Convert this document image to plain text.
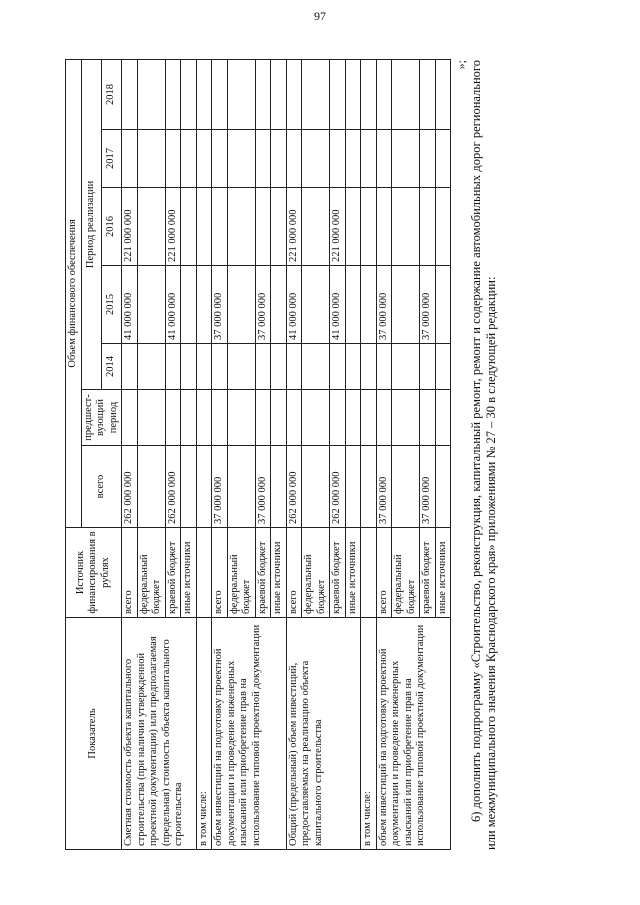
97
Показатель	Источник финансирования в рублях	Объем финансового обеспечения						
		всего	предшест-вующий период	Период реализации				
				2014	2015	2016	2017	2018
Сметная стоимость объекта капитального строительства (при наличии утвержденной проектной документации) или предполагаемая (предельная) стоимость объекта капитального строительства	всего	262 000 000			41 000 000	221 000 000		
	федеральный бюджет							
	краевой бюджет	262 000 000			41 000 000	221 000 000		
	иные источники							
в том числе:								
объем инвестиций на подготовку проектной документации и проведение инженерных изысканий или приобретение прав на использование типовой проектной документации	всего	37 000 000			37 000 000			
	федеральный бюджет							
	краевой бюджет	37 000 000			37 000 000			
	иные источники							
Общий (предельный) объем инвестиций, предоставляемых на реализацию объекта капитального строительства	всего	262 000 000			41 000 000	221 000 000		
	федеральный бюджет							
	краевой бюджет	262 000 000			41 000 000	221 000 000		
	иные источники							
в том числе:								
объем инвестиций на подготовку проектной документации и проведение инженерных изысканий или приобретение прав на использование типовой проектной документации	всего	37 000 000			37 000 000			
	федеральный бюджет							
	краевой бюджет	37 000 000			37 000 000			
	иные источники							
»; 6) дополнить подпрограмму «Строительство, реконструкция, капитальный ремонт, ремонт и содержание автомобильных дорог регионального или межмуниципального значения Краснодарского края» приложениями № 27 – 30 в следующей редакции:
